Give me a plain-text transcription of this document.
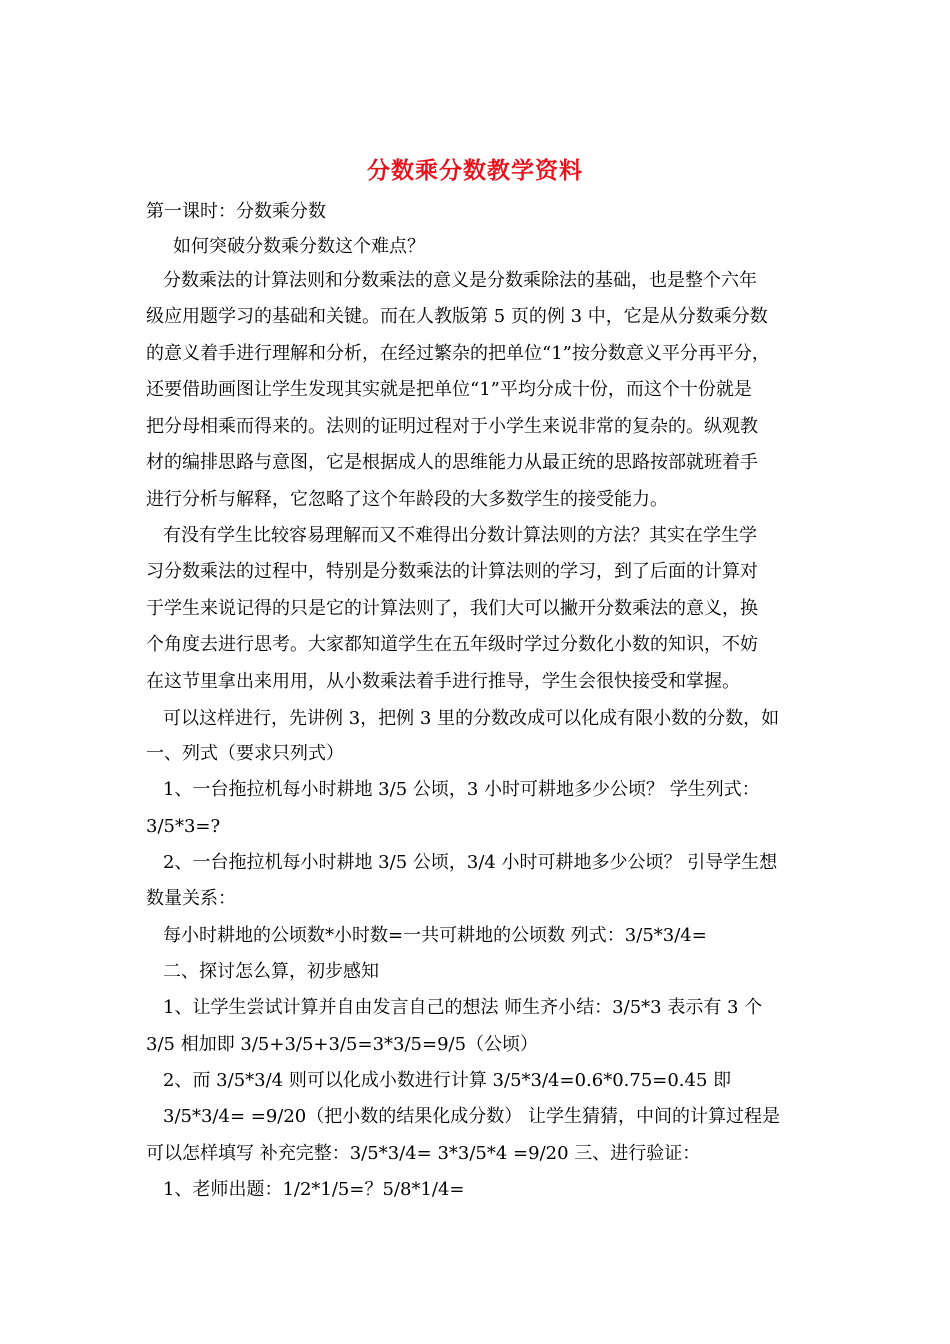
分数乘分数教学资料
第一课时：分数乘分数
如何突破分数乘分数这个难点？
分数乘法的计算法则和分数乘法的意义是分数乘除法的基础，也是整个六年
级应用题学习的基础和关键。而在人教版第 5 页的例 3 中，它是从分数乘分数
的意义着手进行理解和分析，在经过繁杂的把单位“1”按分数意义平分再平分，
还要借助画图让学生发现其实就是把单位“1”平均分成十份，而这个十份就是
把分母相乘而得来的。法则的证明过程对于小学生来说非常的复杂的。纵观教
材的编排思路与意图，它是根据成人的思维能力从最正统的思路按部就班着手
进行分析与解释，它忽略了这个年龄段的大多数学生的接受能力。
有没有学生比较容易理解而又不难得出分数计算法则的方法？其实在学生学
习分数乘法的过程中，特别是分数乘法的计算法则的学习，到了后面的计算对
于学生来说记得的只是它的计算法则了，我们大可以撇开分数乘法的意义，换
个角度去进行思考。大家都知道学生在五年级时学过分数化小数的知识，不妨
在这节里拿出来用用，从小数乘法着手进行推导，学生会很快接受和掌握。
可以这样进行，先讲例 3，把例 3 里的分数改成可以化成有限小数的分数，如
一、列式（要求只列式）
1、一台拖拉机每小时耕地 3/5 公顷，3 小时可耕地多少公顷？ 学生列式：
3/5*3=?
2、一台拖拉机每小时耕地 3/5 公顷，3/4 小时可耕地多少公顷？ 引导学生想
数量关系：
每小时耕地的公顷数*小时数=一共可耕地的公顷数 列式：3/5*3/4=
二、探讨怎么算，初步感知
1、让学生尝试计算并自由发言自己的想法 师生齐小结：3/5*3 表示有 3 个
3/5 相加即 3/5+3/5+3/5=3*3/5=9/5（公顷）
2、而 3/5*3/4 则可以化成小数进行计算 3/5*3/4=0.6*0.75=0.45 即
3/5*3/4= =9/20（把小数的结果化成分数） 让学生猜猜，中间的计算过程是
可以怎样填写 补充完整：3/5*3/4= 3*3/5*4 =9/20 三、进行验证：
1、老师出题：1/2*1/5=？5/8*1/4=
